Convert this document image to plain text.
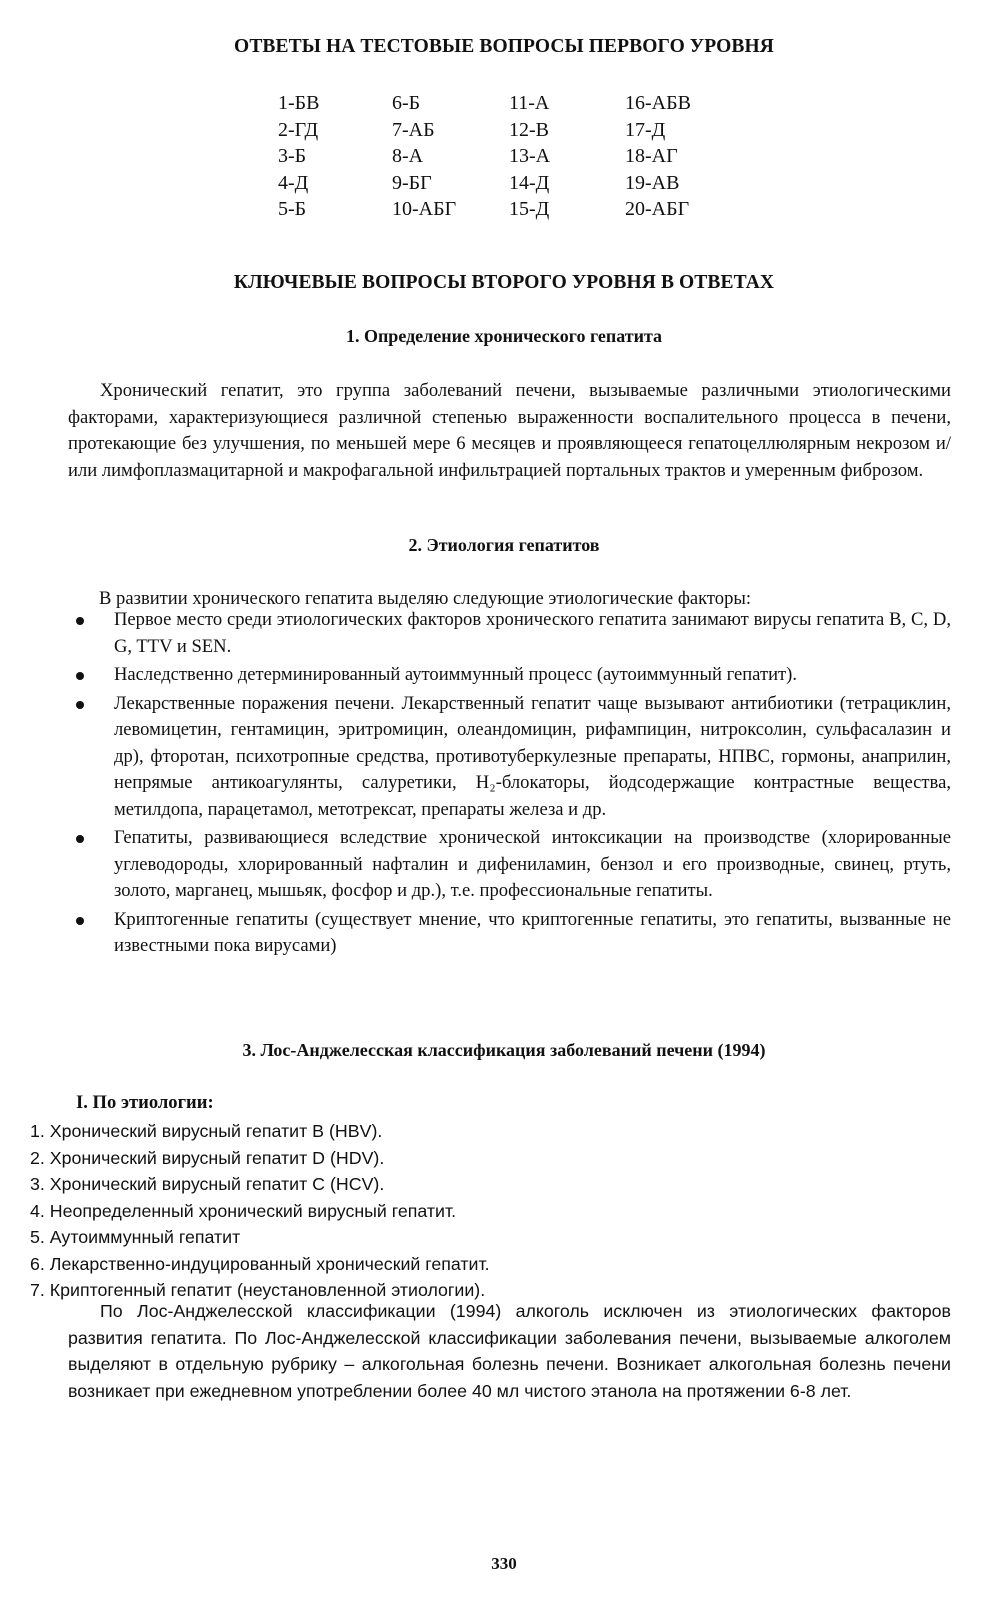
ОТВЕТЫ НА ТЕСТОВЫЕ ВОПРОСЫ ПЕРВОГО УРОВНЯ
1-БВ
2-ГД
3-Б
4-Д
5-Б
6-Б
7-АБ
8-А
9-БГ
10-АБГ
11-А
12-В
13-А
14-Д
15-Д
16-АБВ
17-Д
18-АГ
19-АВ
20-АБГ
КЛЮЧЕВЫЕ ВОПРОСЫ ВТОРОГО УРОВНЯ В ОТВЕТАХ
1. Определение хронического гепатита
Хронический гепатит, это группа заболеваний печени, вызываемые различными этиологическими факторами, характеризующиеся различной степенью выраженности воспалительного процесса в печени, протекающие без улучшения, по меньшей мере 6 месяцев и проявляющееся гепатоцеллюлярным некрозом и/или лимфоплазмацитарной и макрофагальной инфильтрацией портальных трактов и умеренным фиброзом.
2. Этиология гепатитов
В развитии хронического гепатита выделяю следующие этиологические факторы:
Первое место среди этиологических факторов хронического гепатита занимают вирусы гепатита B, C, D, G, TTV и SEN.
Наследственно детерминированный аутоиммунный процесс (аутоиммунный гепатит).
Лекарственные поражения печени. Лекарственный гепатит чаще вызывают антибиотики (тетрациклин, левомицетин, гентамицин, эритромицин, олеандомицин, рифампицин, нитроксолин, сульфасалазин и др), фторотан, психотропные средства, противотуберкулезные препараты, НПВС, гормоны, анаприлин, непрямые антикоагулянты, салуретики, H₂-блокаторы, йодсодержащие контрастные вещества, метилдопа, парацетамол, метотрексат, препараты железа и др.
Гепатиты, развивающиеся вследствие хронической интоксикации на производстве (хлорированные углеводороды, хлорированный нафталин и дифениламин, бензол и его производные, свинец, ртуть, золото, марганец, мышьяк, фосфор и др.), т.е. профессиональные гепатиты.
Криптогенные гепатиты (существует мнение, что криптогенные гепатиты, это гепатиты, вызванные не известными пока вирусами)
3. Лос-Анджелесская классификация заболеваний печени (1994)
I. По этиологии:
1. Хронический вирусный гепатит В (HBV).
2. Хронический вирусный гепатит D (HDV).
3. Хронический вирусный гепатит С (HCV).
4. Неопределенный хронический вирусный гепатит.
5. Аутоиммунный гепатит
6. Лекарственно-индуцированный хронический гепатит.
7. Криптогенный гепатит (неустановленной этиологии).
По Лос-Анджелесской классификации (1994) алкоголь исключен из этиологических факторов развития гепатита. По Лос-Анджелесской классификации заболевания печени, вызываемые алкоголем выделяют в отдельную рубрику – алкогольная болезнь печени. Возникает алкогольная болезнь печени возникает при ежедневном употреблении более 40 мл чистого этанола на протяжении 6-8 лет.
330
